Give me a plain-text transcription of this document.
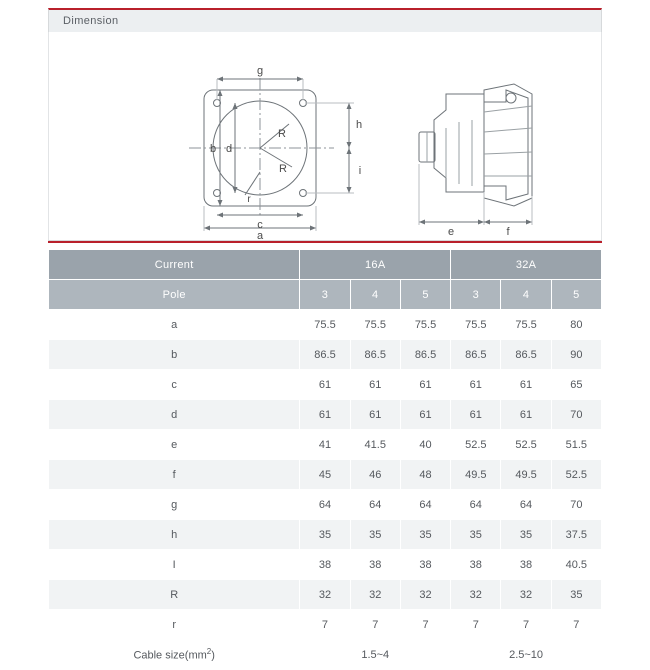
Dimension
g
b d
R
R
r
c
a
h
i
e	f
Current	16A			32A		
Pole	3	4	5	3	4	5
a	75.5	75.5	75.5	75.5	75.5	80
b	86.5	86.5	86.5	86.5	86.5	90
c	61	61	61	61	61	65
d	61	61	61	61	61	70
e	41	41.5	40	52.5	52.5	51.5
f	45	46	48	49.5	49.5	52.5
g	64	64	64	64	64	70
h	35	35	35	35	35	37.5
I	38	38	38	38	38	40.5
R	32	32	32	32	32	35
r	7	7	7	7	7	7
Cable $size(mm^2)$	1.5~4			2.5~10		
